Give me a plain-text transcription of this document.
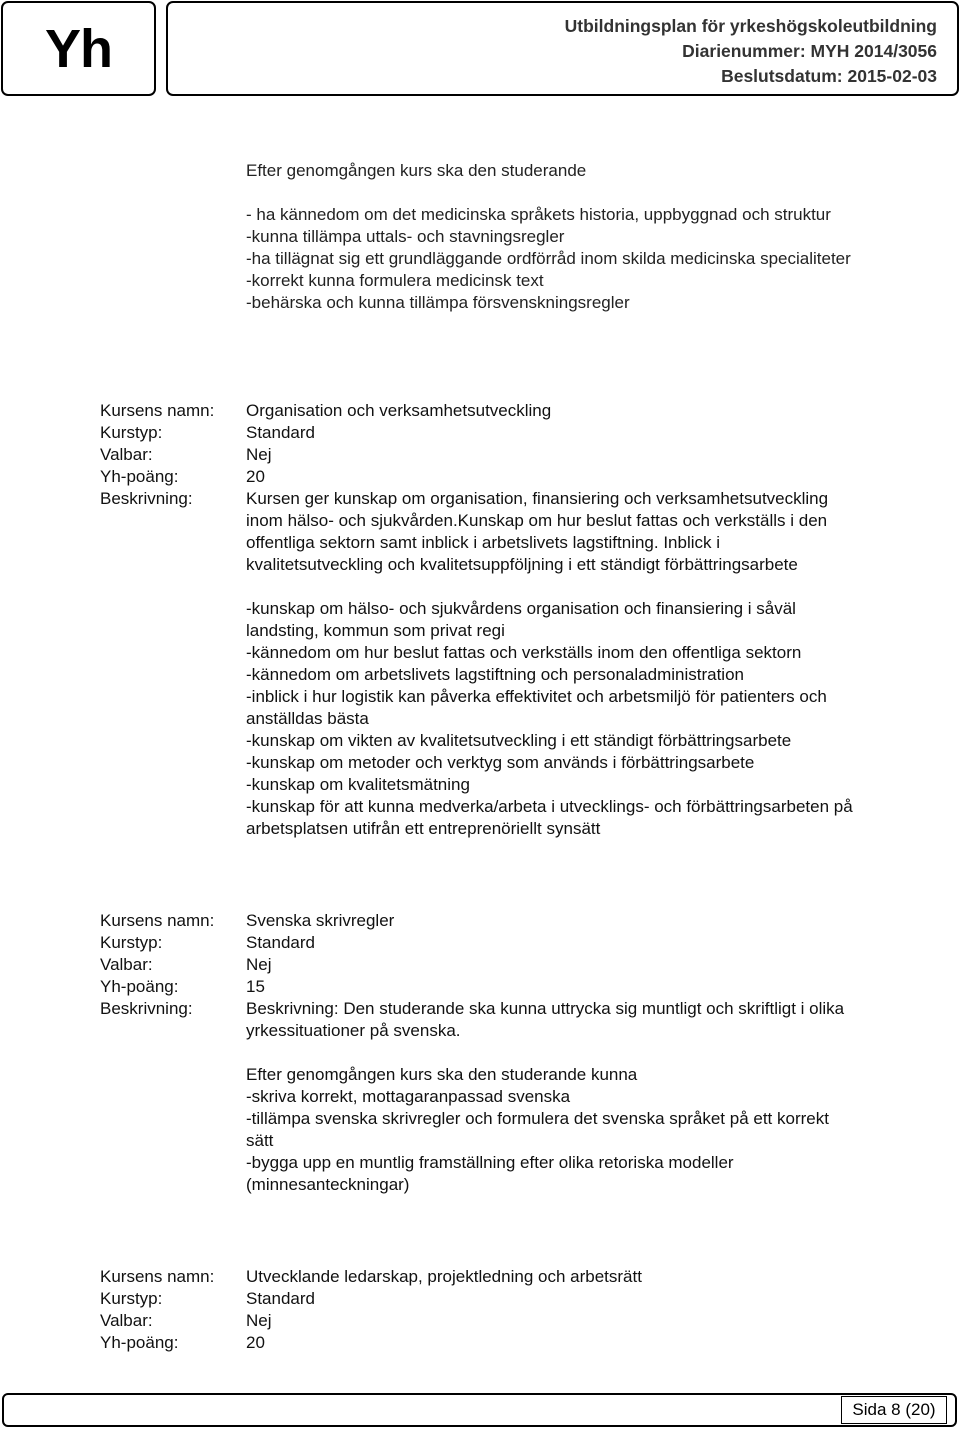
Yh	Utbildningsplan för yrkeshögskoleutbildning
Diarienummer: MYH 2014/3056
Beslutsdatum: 2015-02-03
Efter genomgången kurs ska den studerande
- ha kännedom om det medicinska språkets historia, uppbyggnad och struktur
-kunna tillämpa uttals- och stavningsregler
-ha tillägnat sig ett grundläggande ordförråd inom skilda medicinska specialiteter
-korrekt kunna formulera medicinsk text
-behärska och kunna tillämpa försvenskningsregler
Kursens namn:	Organisation och verksamhetsutveckling
Kurstyp:	Standard
Valbar:	Nej
Yh-poäng:	20
Beskrivning:	Kursen ger kunskap om organisation, finansiering och verksamhetsutveckling inom hälso- och sjukvården.Kunskap om hur beslut fattas och verkställs i den offentliga sektorn samt inblick i arbetslivets lagstiftning. Inblick i kvalitetsutveckling och kvalitetsuppföljning i ett ständigt förbättringsarbete

-kunskap om hälso- och sjukvårdens organisation och finansiering i såväl landsting, kommun som privat regi

-kännedom om hur beslut fattas och verkställs inom den offentliga sektorn

-kännedom om arbetslivets lagstiftning och personaladministration

-inblick i hur logistik kan påverka effektivitet och arbetsmiljö för patienters och anställdas bästa

-kunskap om vikten av kvalitetsutveckling i ett ständigt förbättringsarbete

-kunskap om metoder och verktyg som används i förbättringsarbete

-kunskap om kvalitetsmätning

-kunskap för att kunna medverka/arbeta i utvecklings- och förbättringsarbeten på arbetsplatsen utifrån ett entreprenöriellt synsätt

Kursens namn:	Svenska skrivregler
Kurstyp:	Standard
Valbar:	Nej
Yh-poäng:	15
Beskrivning:	Beskrivning: Den studerande ska kunna uttrycka sig muntligt och skriftligt i olika yrkessituationer på svenska.

Efter genomgången kurs ska den studerande kunna

-skriva korrekt, mottagaranpassad svenska

-tillämpa svenska skrivregler och formulera det svenska språket på ett korrekt sätt

-bygga upp en muntlig framställning efter olika retoriska modeller (minnesanteckningar)

Kursens namn:	Utvecklande ledarskap, projektledning och arbetsrätt
Kurstyp:	Standard
Valbar:	Nej
Yh-poäng:	20
Sida 8 (20)
